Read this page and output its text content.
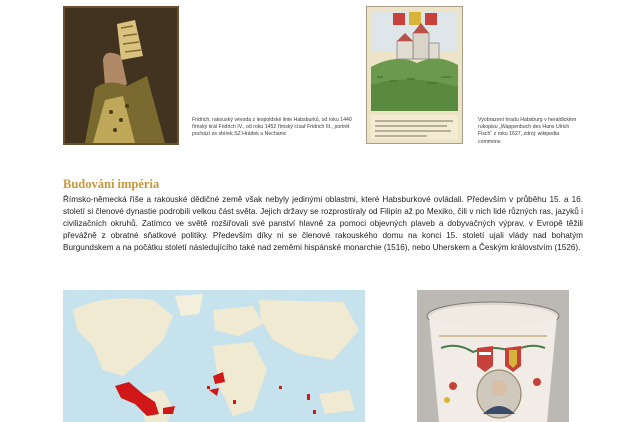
Fridrich, rakouský vévoda z leopoldské linie Habsburků, od roku 1440 římský král Fridrich IV., od roku 1452 římský císař Fridrich III., portrét pochází ze sbírek SZ Hrádek u Nechanic
Vyobrazení hradu Habsburg v heraldickém rukopisu „Wappenbuch des Hans Ulrich Fisch“ z roku 1627, zdroj: wikipedia commons
Budování impéria
Římsko-německá říše a rakouské dědičné země však nebyly jedinými oblastmi, které Habsburkové ovládali. Především v průběhu 15. a 16. století si členové dynastie podrobili velkou část světa. Jejich državy se rozprostíraly od Filipín až po Mexiko, čili v nich lidé různých ras, jazyků i civilizačních okruhů. Zatímco ve světě rozšiřovali své panství hlavně za pomoci objevných plaveb a dobyvačných výprav, v Evropě těžili převážně z obratné sňatkové politiky. Především díky ni se členové rakouského domu na konci 15. století ujali vlády nad bohatým Burgundskem a na počátku století následujícího také nad zeměmi hispánské monarchie (1516), nebo Uherskem a Českým královstvím (1526).
